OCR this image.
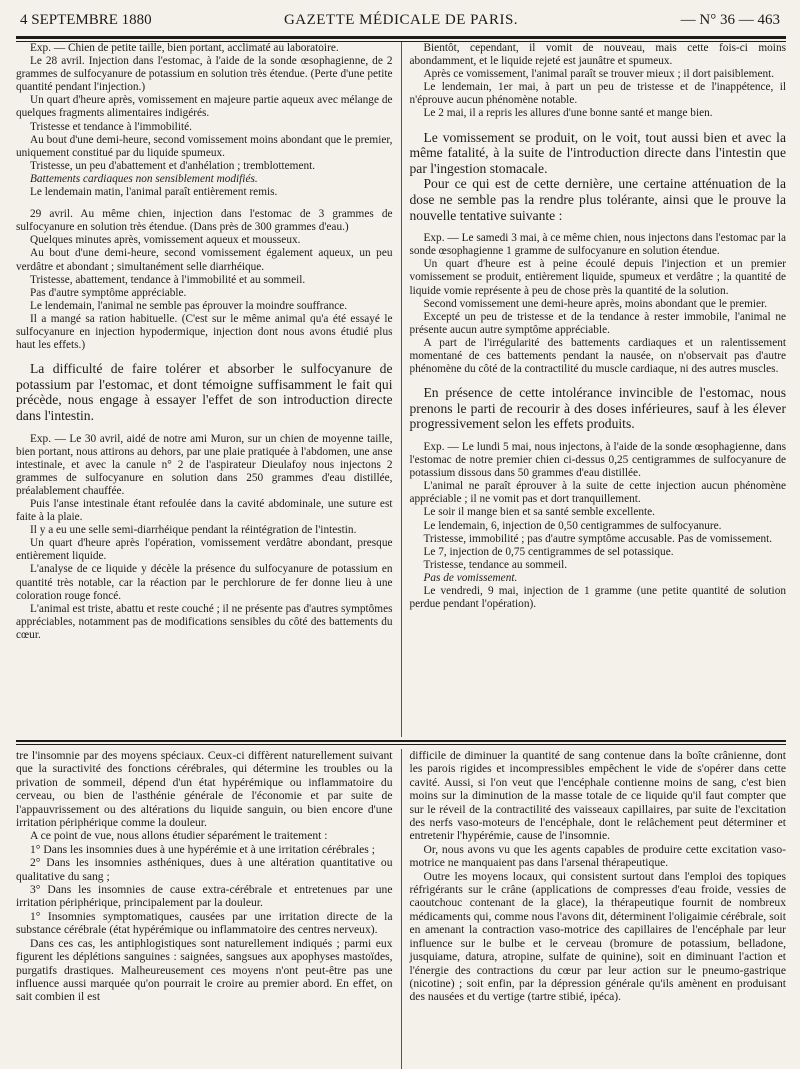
4 SEPTEMBRE 1880	GAZETTE MÉDICALE DE PARIS.	— N° 36 — 463

Exp. — Chien de petite taille, bien portant, acclimaté au laboratoire.

Le 28 avril. Injection dans l'estomac, à l'aide de la sonde œsophagienne, de 2 grammes de sulfocyanure de potassium en solution très étendue. (Perte d'une petite quantité pendant l'injection.)

Un quart d'heure après, vomissement en majeure partie aqueux avec mélange de quelques fragments alimentaires indigérés.

Tristesse et tendance à l'immobilité.

Au bout d'une demi-heure, second vomissement moins abondant que le premier, uniquement constitué par du liquide spumeux.

Tristesse, un peu d'abattement et d'anhélation ; tremblottement.

Battements cardiaques non sensiblement modifiés.

Le lendemain matin, l'animal paraît entièrement remis.

29 avril. Au même chien, injection dans l'estomac de 3 grammes de sulfocyanure en solution très étendue. (Dans près de 300 grammes d'eau.)

Quelques minutes après, vomissement aqueux et mousseux.

Au bout d'une demi-heure, second vomissement également aqueux, un peu verdâtre et abondant ; simultanément selle diarrhéique.

Tristesse, abattement, tendance à l'immobilité et au sommeil.

Pas d'autre symptôme appréciable.

Le lendemain, l'animal ne semble pas éprouver la moindre souffrance.

Il a mangé sa ration habituelle. (C'est sur le même animal qu'a été essayé le sulfocyanure en injection hypodermique, injection dont nous avons étudié plus haut les effets.)

La difficulté de faire tolérer et absorber le sulfocyanure de potassium par l'estomac, et dont témoigne suffisamment le fait qui précède, nous engage à essayer l'effet de son introduction directe dans l'intestin.

Exp. — Le 30 avril, aidé de notre ami Muron, sur un chien de moyenne taille, bien portant, nous attirons au dehors, par une plaie pratiquée à l'abdomen, une anse intestinale, et avec la canule n° 2 de l'aspirateur Dieulafoy nous injectons 2 grammes de sulfocyanure en solution dans 250 grammes d'eau distillée, préalablement chauffée.

Puis l'anse intestinale étant refoulée dans la cavité abdominale, une suture est faite à la plaie.

Il y a eu une selle semi-diarrhéique pendant la réintégration de l'intestin.

Un quart d'heure après l'opération, vomissement verdâtre abondant, presque entièrement liquide.

L'analyse de ce liquide y décèle la présence du sulfocyanure de potassium en quantité très notable, car la réaction par le perchlorure de fer donne lieu à une coloration rouge foncé.

L'animal est triste, abattu et reste couché ; il ne présente pas d'autres symptômes appréciables, notamment pas de modifications sensibles du côté des battements du cœur.

Bientôt, cependant, il vomit de nouveau, mais cette fois-ci moins abondamment, et le liquide rejeté est jaunâtre et spumeux.

Après ce vomissement, l'animal paraît se trouver mieux ; il dort paisiblement.

Le lendemain, 1er mai, à part un peu de tristesse et de l'inappétence, il n'éprouve aucun phénomène notable.

Le 2 mai, il a repris les allures d'une bonne santé et mange bien.

Le vomissement se produit, on le voit, tout aussi bien et avec la même fatalité, à la suite de l'introduction directe dans l'intestin que par l'ingestion stomacale.

Pour ce qui est de cette dernière, une certaine atténuation de la dose ne semble pas la rendre plus tolérante, ainsi que le prouve la nouvelle tentative suivante :

Exp. — Le samedi 3 mai, à ce même chien, nous injectons dans l'estomac par la sonde œsophagienne 1 gramme de sulfocyanure en solution étendue.

Un quart d'heure est à peine écoulé depuis l'injection et un premier vomissement se produit, entièrement liquide, spumeux et verdâtre ; la quantité de liquide vomie représente à peu de chose près la quantité de la solution.

Second vomissement une demi-heure après, moins abondant que le premier.

Excepté un peu de tristesse et de la tendance à rester immobile, l'animal ne présente aucun autre symptôme appréciable.

A part de l'irrégularité des battements cardiaques et un ralentissement momentané de ces battements pendant la nausée, on n'observait pas d'autre phénomène du côté de la contractilité du muscle cardiaque, ni des autres muscles.

En présence de cette intolérance invincible de l'estomac, nous prenons le parti de recourir à des doses inférieures, sauf à les élever progressivement selon les effets produits.

Exp. — Le lundi 5 mai, nous injectons, à l'aide de la sonde œsophagienne, dans l'estomac de notre premier chien ci-dessus 0,25 centigrammes de sulfocyanure de potassium dissous dans 50 grammes d'eau distillée.

L'animal ne paraît éprouver à la suite de cette injection aucun phénomène appréciable ; il ne vomit pas et dort tranquillement.

Le soir il mange bien et sa santé semble excellente.

Le lendemain, 6, injection de 0,50 centigrammes de sulfocyanure.

Tristesse, immobilité ; pas d'autre symptôme accusable. Pas de vomissement.

Le 7, injection de 0,75 centigrammes de sel potassique.

Tristesse, tendance au sommeil.

Pas de vomissement.

Le vendredi, 9 mai, injection de 1 gramme (une petite quantité de solution perdue pendant l'opération).

tre l'insomnie par des moyens spéciaux. Ceux-ci diffèrent naturellement suivant que la suractivité des fonctions cérébrales, qui détermine les troubles ou la privation de sommeil, dépend d'un état hypérémique ou inflammatoire du cerveau, ou bien de l'asthénie générale de l'économie et par suite de l'appauvrissement ou des altérations du liquide sanguin, ou bien encore d'une irritation périphérique comme la douleur.

A ce point de vue, nous allons étudier séparément le traitement :

1° Dans les insomnies dues à une hypérémie et à une irritation cérébrales ;

2° Dans les insomnies asthéniques, dues à une altération quantitative ou qualitative du sang ;

3° Dans les insomnies de cause extra-cérébrale et entretenues par une irritation périphérique, principalement par la douleur.

1° Insomnies symptomatiques, causées par une irritation directe de la substance cérébrale (état hypérémique ou inflammatoire des centres nerveux).

Dans ces cas, les antiphlogistiques sont naturellement indiqués ; parmi eux figurent les déplétions sanguines : saignées, sangsues aux apophyses mastoïdes, purgatifs drastiques. Malheureusement ces moyens n'ont peut-être pas une influence aussi marquée qu'on pourrait le croire au premier abord. En effet, on sait combien il est

difficile de diminuer la quantité de sang contenue dans la boîte crânienne, dont les parois rigides et incompressibles empêchent le vide de s'opérer dans cette cavité. Aussi, si l'on veut que l'encéphale contienne moins de sang, c'est bien moins sur la diminution de la masse totale de ce liquide qu'il faut compter que sur le réveil de la contractilité des vaisseaux capillaires, par suite de l'excitation des nerfs vaso-moteurs de l'encéphale, dont le relâchement peut déterminer et entretenir l'hypérémie, cause de l'insomnie.

Or, nous avons vu que les agents capables de produire cette excitation vaso-motrice ne manquaient pas dans l'arsenal thérapeutique.

Outre les moyens locaux, qui consistent surtout dans l'emploi des topiques réfrigérants sur le crâne (applications de compresses d'eau froide, vessies de caoutchouc contenant de la glace), la thérapeutique fournit de nombreux médicaments qui, comme nous l'avons dit, déterminent l'oligaimie cérébrale, soit en amenant la contraction vaso-motrice des capillaires de l'encéphale par leur influence sur le bulbe et le cerveau (bromure de potassium, belladone, jusquiame, datura, atropine, sulfate de quinine), soit en diminuant l'action et l'énergie des contractions du cœur par leur action sur le pneumo-gastrique (nicotine) ; soit enfin, par la dépression générale qu'ils amènent en produisant des nausées et du vertige (tartre stibié, ipéca).
